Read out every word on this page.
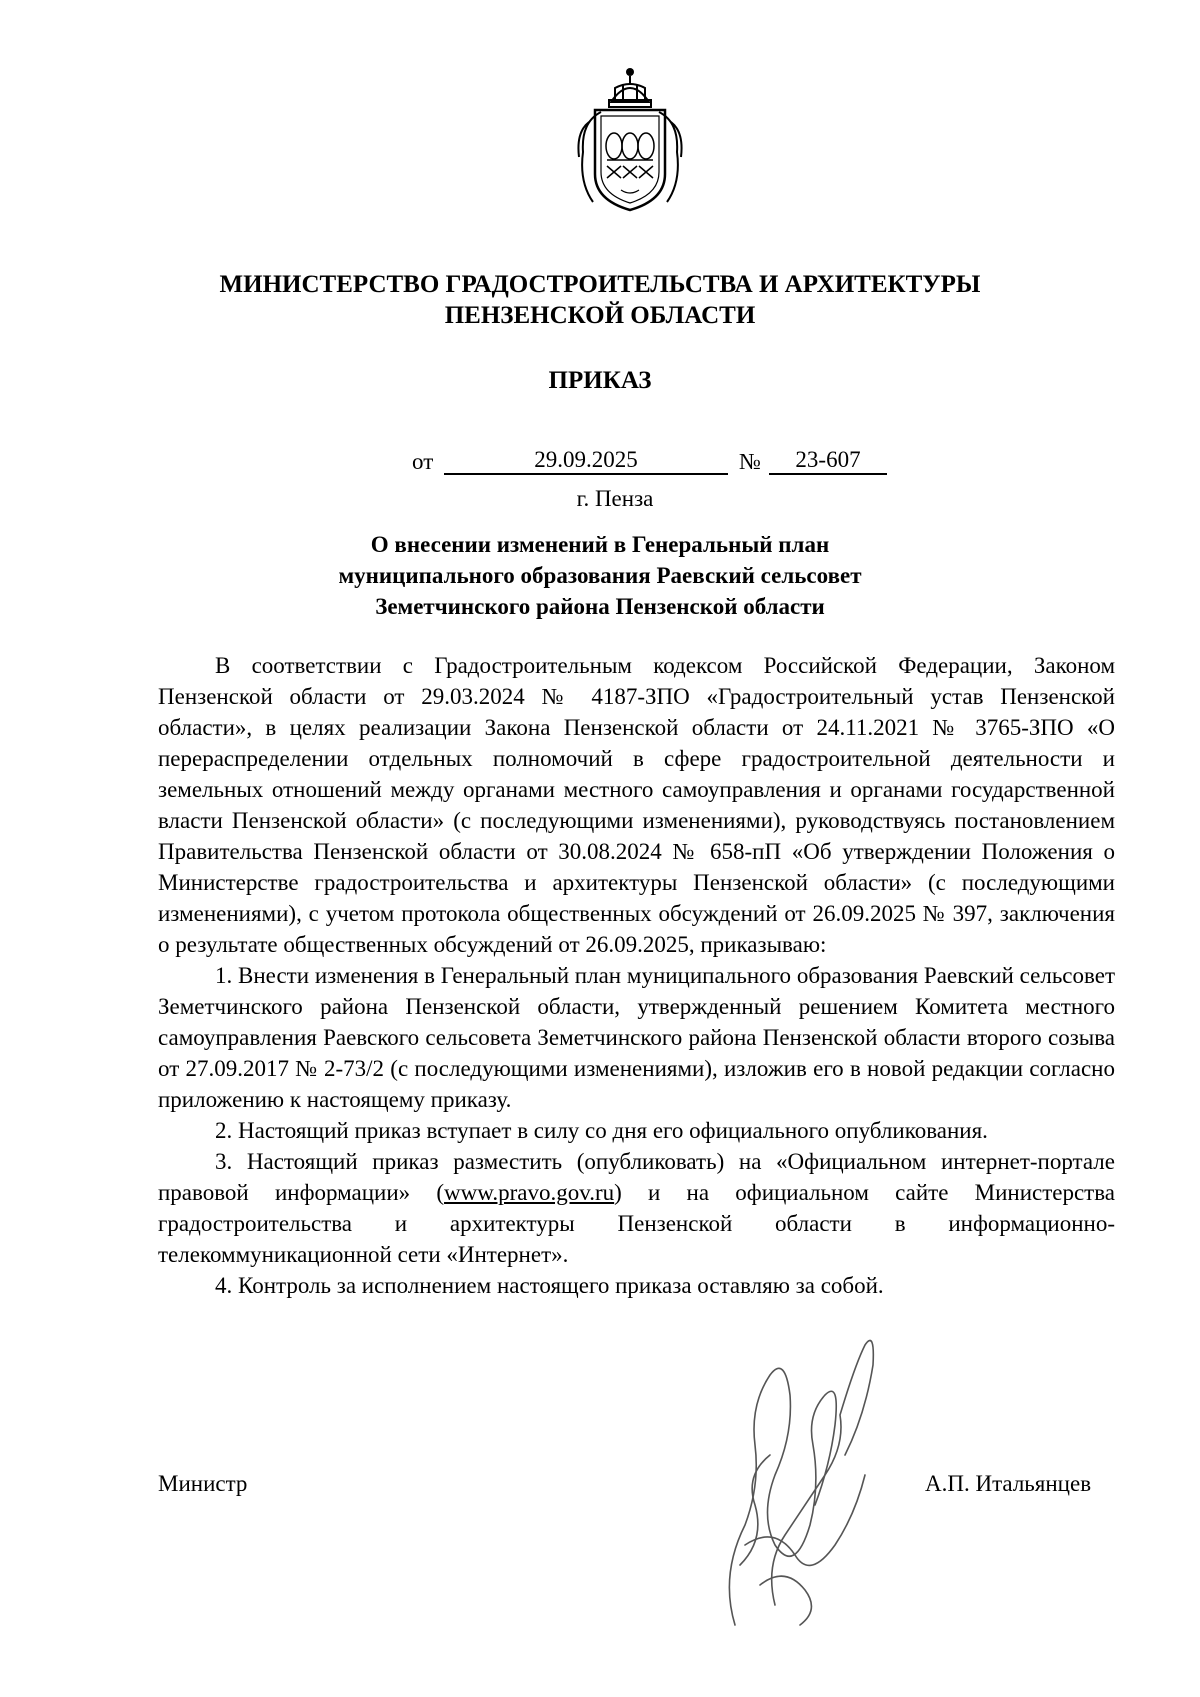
МИНИСТЕРСТВО ГРАДОСТРОИТЕЛЬСТВА И АРХИТЕКТУРЫ
ПЕНЗЕНСКОЙ ОБЛАСТИ
ПРИКАЗ
от	29.09.2025	№	23-607
г. Пенза
О внесении изменений в Генеральный план
муниципального образования Раевский сельсовет
Земетчинского района Пензенской области

В соответствии с Градостроительным кодексом Российской Федерации, Законом Пензенской области от 29.03.2024 № 4187-ЗПО «Градостроительный устав Пензенской области», в целях реализации Закона Пензенской области от 24.11.2021 № 3765-ЗПО «О перераспределении отдельных полномочий в сфере градостроительной деятельности и земельных отношений между органами местного самоуправления и органами государственной власти Пензенской области» (с последующими изменениями), руководствуясь постановлением Правительства Пензенской области от 30.08.2024 № 658-пП «Об утверждении Положения о Министерстве градостроительства и архитектуры Пензенской области» (с последующими изменениями), с учетом протокола общественных обсуждений от 26.09.2025 № 397, заключения о результате общественных обсуждений от 26.09.2025, приказываю:

1. Внести изменения в Генеральный план муниципального образования Раевский сельсовет Земетчинского района Пензенской области, утвержденный решением Комитета местного самоуправления Раевского сельсовета Земетчинского района Пензенской области второго созыва от 27.09.2017 № 2-73/2 (с последующими изменениями), изложив его в новой редакции согласно приложению к настоящему приказу.

2. Настоящий приказ вступает в силу со дня его официального опубликования.

3. Настоящий приказ разместить (опубликовать) на «Официальном интернет-портале правовой информации» (www.pravo.gov.ru) и на официальном сайте Министерства градостроительства и архитектуры Пензенской области в информационно-телекоммуникационной сети «Интернет».

4. Контроль за исполнением настоящего приказа оставляю за собой.

Министр	А.П. Итальянцев
